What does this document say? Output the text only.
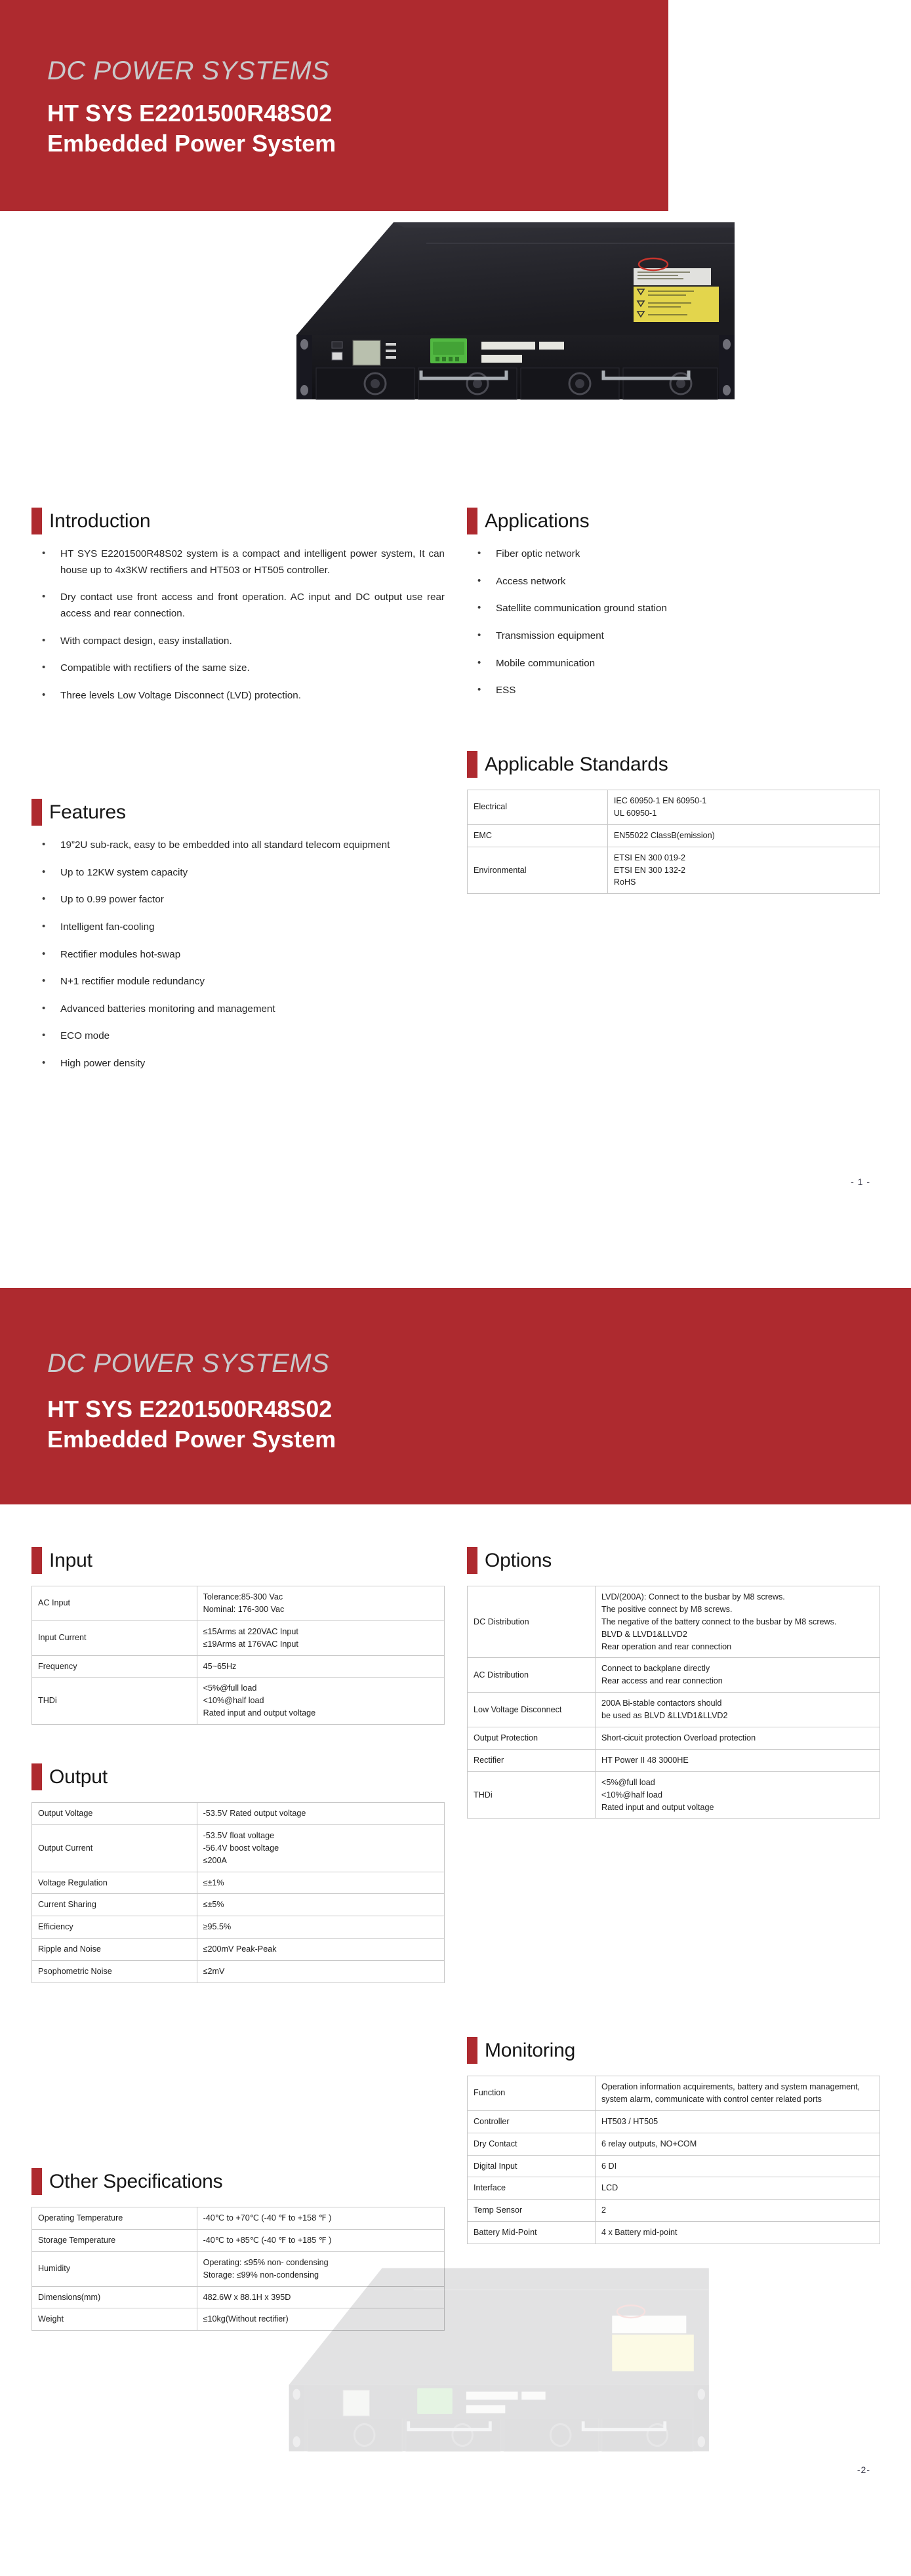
DC POWER SYSTEMS
HT SYS E2201500R48S02
Embedded Power System
Introduction
• HT SYS E2201500R48S02 system is a compact and intelligent power system, It can house up to 4x3KW rectifiers and HT503 or HT505 controller.
• Dry contact use front access and front operation. AC input and DC output use rear access and rear connection.
• With compact design, easy installation.
• Compatible with rectifiers of the same size.
• Three levels Low Voltage Disconnect (LVD) protection.
Features
• 19”2U sub-rack, easy to be embedded into all standard telecom equipment
• Up to 12KW system capacity
• Up to 0.99 power factor
• Intelligent fan-cooling
• Rectifier modules hot-swap
• N+1 rectifier module redundancy
• Advanced batteries monitoring and management
• ECO mode
• High power density
Applications
• Fiber optic network
• Access network
• Satellite communication ground station
• Transmission equipment
• Mobile communication
• ESS
Applicable Standards
Electrical	IEC 60950-1 EN 60950-1
UL 60950-1

EMC	EN55022 ClassB(emission)

Environmental	ETSI EN 300 019-2
ETSI EN 300 132-2
RoHS
- 1 -
DC POWER SYSTEMS
HT SYS E2201500R48S02
Embedded Power System
Input
AC Input	Tolerance:85-300 Vac
Nominal: 176-300 Vac

Input Current	≤15Arms at 220VAC Input
≤19Arms at 176VAC Input

Frequency	45~65Hz

THDi	<5%@full load
<10%@half load
Rated input and output voltage
Output
Output Voltage	-53.5V Rated output voltage

Output Current	-53.5V float voltage
-56.4V boost voltage
≤200A

Voltage Regulation	≤±1%

Current Sharing	≤±5%

Efficiency	≥95.5%

Ripple and Noise	≤200mV Peak-Peak

Psophometric Noise	≤2mV
Other Specifications
Operating Temperature	-40℃ to +70℃ (-40 ℉ to +158 ℉ )

Storage Temperature	-40℃ to +85℃ (-40 ℉ to +185 ℉ )

Humidity	Operating: ≤95% non- condensing
Storage: ≤99% non-condensing

Dimensions(mm)	482.6W x 88.1H x 395D

Weight	≤10kg(Without rectifier)
Options
DC Distribution	LVD/(200A): Connect to the busbar by M8 screws.
The positive connect by M8 screws.
The negative of the battery connect to the busbar by M8 screws.
BLVD & LLVD1&LLVD2
Rear operation and rear connection

AC Distribution	Connect to backplane directly
Rear access and rear connection

Low Voltage Disconnect	200A Bi-stable contactors should
be used as BLVD &LLVD1&LLVD2

Output Protection	Short-cicuit protection Overload protection

Rectifier	HT Power II 48 3000HE

THDi	<5%@full load
<10%@half load
Rated input and output voltage
Monitoring
Function	Operation information acquirements, battery and system management, system alarm, communicate with control center related ports

Controller	HT503 / HT505

Dry Contact	6 relay outputs, NO+COM

Digital Input	6 DI

Interface	LCD

Temp Sensor	2

Battery Mid-Point	4 x Battery mid-point
-2-
